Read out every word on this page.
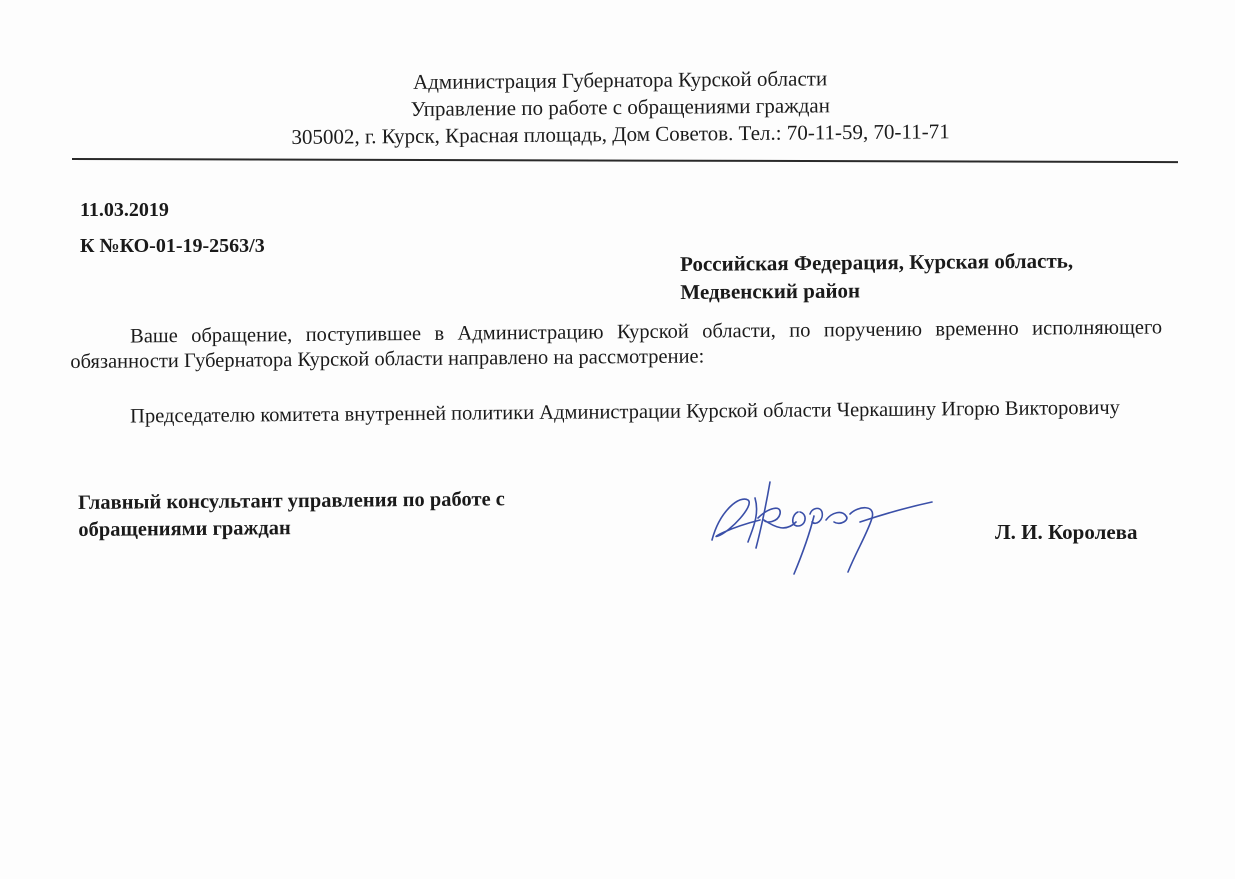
Администрация Губернатора Курской области
Управление по работе с обращениями граждан
305002, г. Курск, Красная площадь, Дом Советов. Тел.: 70-11-59, 70-11-71
11.03.2019
К №КО-01-19-2563/3
Российская Федерация, Курская область,
Медвенский район
Ваше обращение, поступившее в Администрацию Курской области, по поручению временно исполняющего обязанности Губернатора Курской области направлено на рассмотрение:
Председателю комитета внутренней политики Администрации Курской области Черкашину Игорю Викторовичу
Главный консультант управления по работе с
обращениями граждан	Л. И. Королева
